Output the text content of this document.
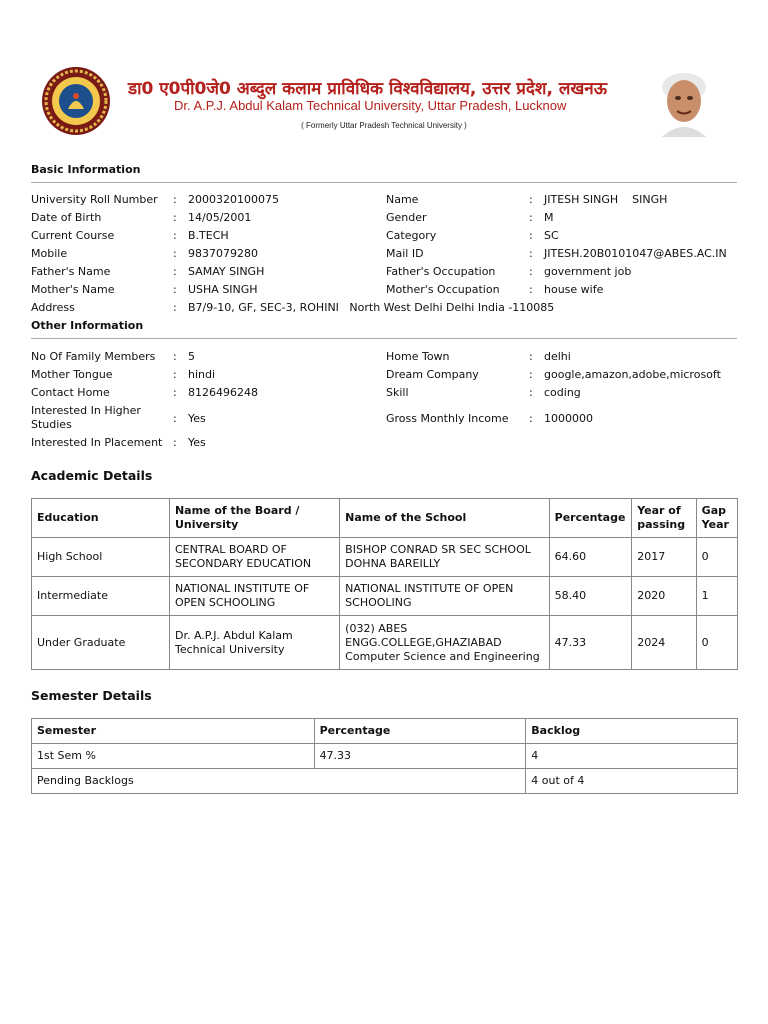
डा0 ए0पी0जे0 अब्दुल कलाम प्राविधिक विश्वविद्यालय, उत्तर प्रदेश, लखनऊ
Dr. A.P.J. Abdul Kalam Technical University, Uttar Pradesh, Lucknow
( Formerly Uttar Pradesh Technical University )
Basic Information
University Roll Number : 2000320100075	Name	: JITESH SINGH    SINGH
Date of Birth	: 14/05/2001	Gender	: M
Current Course	: B.TECH	Category	: SC
Mobile	: 9837079280	Mail ID	: JITESH.20B0101047@ABES.AC.IN
Father's Name	: SAMAY SINGH	Father's Occupation	: government job
Mother's Name	: USHA SINGH	Mother's Occupation	: house wife
Address	: B7/9-10, GF, SEC-3, ROHINI   North West Delhi Delhi India -110085
Other Information
No Of Family Members : 5	Home Town	: delhi
Mother Tongue	: hindi	Dream Company	: google,amazon,adobe,microsoft
Contact Home	: 8126496248	Skill	: coding
Interested In Higher
Studies	: Yes	Gross Monthly Income : 1000000
Interested In Placement : Yes
Academic Details
Education	Name of the Board / University	Name of the School	Percentage	Year of passing	Gap Year
High School	CENTRAL BOARD OF SECONDARY EDUCATION	BISHOP CONRAD SR SEC SCHOOL DOHNA BAREILLY	64.60	2017	0
Intermediate	NATIONAL INSTITUTE OF OPEN SCHOOLING	NATIONAL INSTITUTE OF OPEN SCHOOLING	58.40	2020	1
Under Graduate	Dr. A.P.J. Abdul Kalam Technical University	(032) ABES ENGG.COLLEGE,GHAZIABAD Computer Science and Engineering	47.33	2024	0
Semester Details
Semester	Percentage	Backlog
1st Sem %	47.33	4
Pending Backlogs		4 out of 4
